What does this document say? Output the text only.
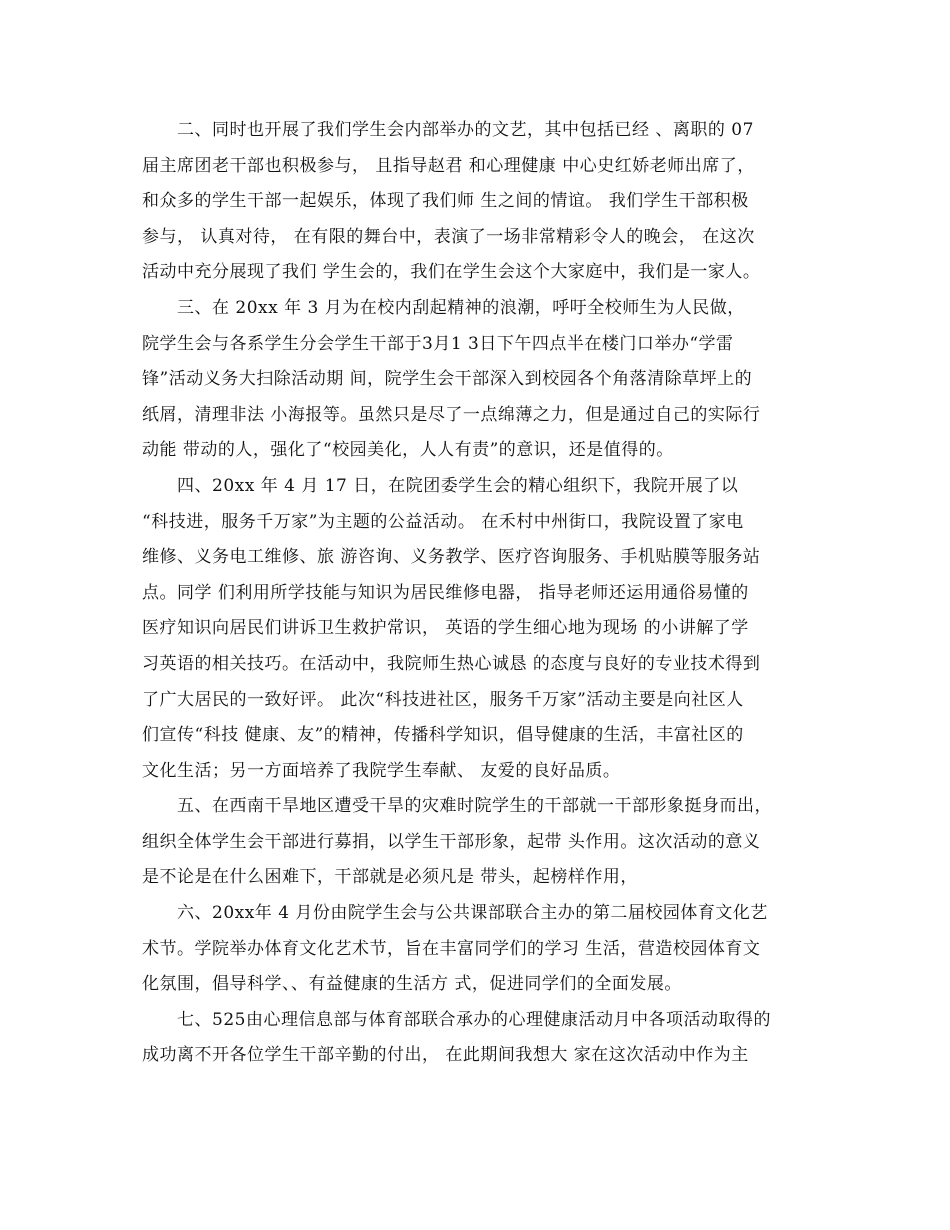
二、同时也开展了我们学生会内部举办的文艺，其中包括已经 、离职的 07
届主席团老干部也积极参与， 且指导赵君 和心理健康 中心史红娇老师出席了，
和众多的学生干部一起娱乐，体现了我们师 生之间的情谊。 我们学生干部积极
参与， 认真对待， 在有限的舞台中，表演了一场非常精彩令人的晚会， 在这次
活动中充分展现了我们 学生会的，我们在学生会这个大家庭中，我们是一家人。

三、在 20xx 年 3 月为在校内刮起精神的浪潮，呼吁全校师生为人民做，
院学生会与各系学生分会学生干部于3月1 3日下午四点半在楼门口举办“学雷
锋”活动义务大扫除活动期 间，院学生会干部深入到校园各个角落清除草坪上的
纸屑，清理非法 小海报等。虽然只是尽了一点绵薄之力，但是通过自己的实际行
动能 带动的人，强化了“校园美化，人人有责”的意识，还是值得的。

四、20xx 年 4 月 17 日，在院团委学生会的精心组织下，我院开展了以
“科技进，服务千万家”为主题的公益活动。 在禾村中州街口，我院设置了家电
维修、义务电工维修、旅 游咨询、义务教学、医疗咨询服务、手机贴膜等服务站
点。同学 们利用所学技能与知识为居民维修电器， 指导老师还运用通俗易懂的
医疗知识向居民们讲诉卫生救护常识， 英语的学生细心地为现场 的小讲解了学
习英语的相关技巧。在活动中，我院师生热心诚恳 的态度与良好的专业技术得到
了广大居民的一致好评。 此次“科技进社区，服务千万家”活动主要是向社区人
们宣传“科技 健康、友”的精神，传播科学知识，倡导健康的生活，丰富社区的
文化生活；另一方面培养了我院学生奉献、 友爱的良好品质。

五、在西南干旱地区遭受干旱的灾难时院学生的干部就一干部形象挺身而出，
组织全体学生会干部进行募捐，以学生干部形象，起带 头作用。这次活动的意义
是不论是在什么困难下，干部就是必须凡是 带头，起榜样作用，

六、20xx年 4 月份由院学生会与公共课部联合主办的第二届校园体育文化艺
术节。学院举办体育文化艺术节，旨在丰富同学们的学习 生活，营造校园体育文
化氛围，倡导科学、、有益健康的生活方 式，促进同学们的全面发展。

七、525由心理信息部与体育部联合承办的心理健康活动月中各项活动取得的
成功离不开各位学生干部辛勤的付出， 在此期间我想大 家在这次活动中作为主
